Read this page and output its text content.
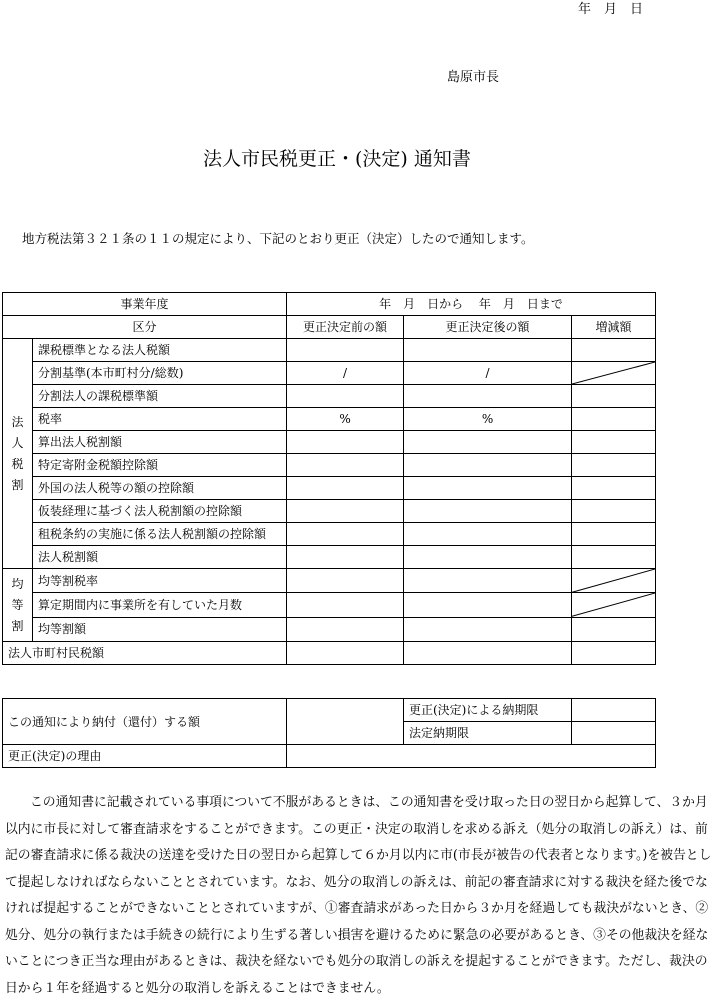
年　月　日
島原市長
法人市民税更正・(決定) 通知書
地方税法第３２１条の１１の規定により、下記のとおり更正（決定）したので通知します。
事業年度		年　月　日から　 年　月　日まで		
区分		更正決定前の額	更正決定後の額	増減額

法
人
税
割	課税標準となる法人税額			
	分割基準(本市町村分/総数)	/	/	

	分割法人の課税標準額			
	税率	%	%	
	算出法人税割額			
	特定寄附金税額控除額			
	外国の法人税等の額の控除額			
	仮装経理に基づく法人税割額の控除額			
	租税条約の実施に係る法人税割額の控除額			
	法人税割額			

均
等
割	均等割税率			

	算定期間内に事業所を有していた月数			

	均等割額			
法人市町村民税額				
この通知により納付（還付）する額		更正(決定)による納期限	
		法定納期限	
更正(決定)の理由			

この通知書に記載されている事項について不服があるときは、この通知書を受け取った日の翌日から起算して、３か月以内に市長に対して審査請求をすることができます。この更正・決定の取消しを求める訴え（処分の取消しの訴え）は、前記の審査請求に係る裁決の送達を受けた日の翌日から起算して６か月以内に市(市長が被告の代表者となります。)を被告として提起しなければならないこととされています。なお、処分の取消しの訴えは、前記の審査請求に対する裁決を経た後でなければ提起することができないこととされていますが、①審査請求があった日から３か月を経過しても裁決がないとき、②処分、処分の執行または手続きの続行により生ずる著しい損害を避けるために緊急の必要があるとき、③その他裁決を経ないことにつき正当な理由があるときは、裁決を経ないでも処分の取消しの訴えを提起することができます。ただし、裁決の日から１年を経過すると処分の取消しを訴えることはできません。
